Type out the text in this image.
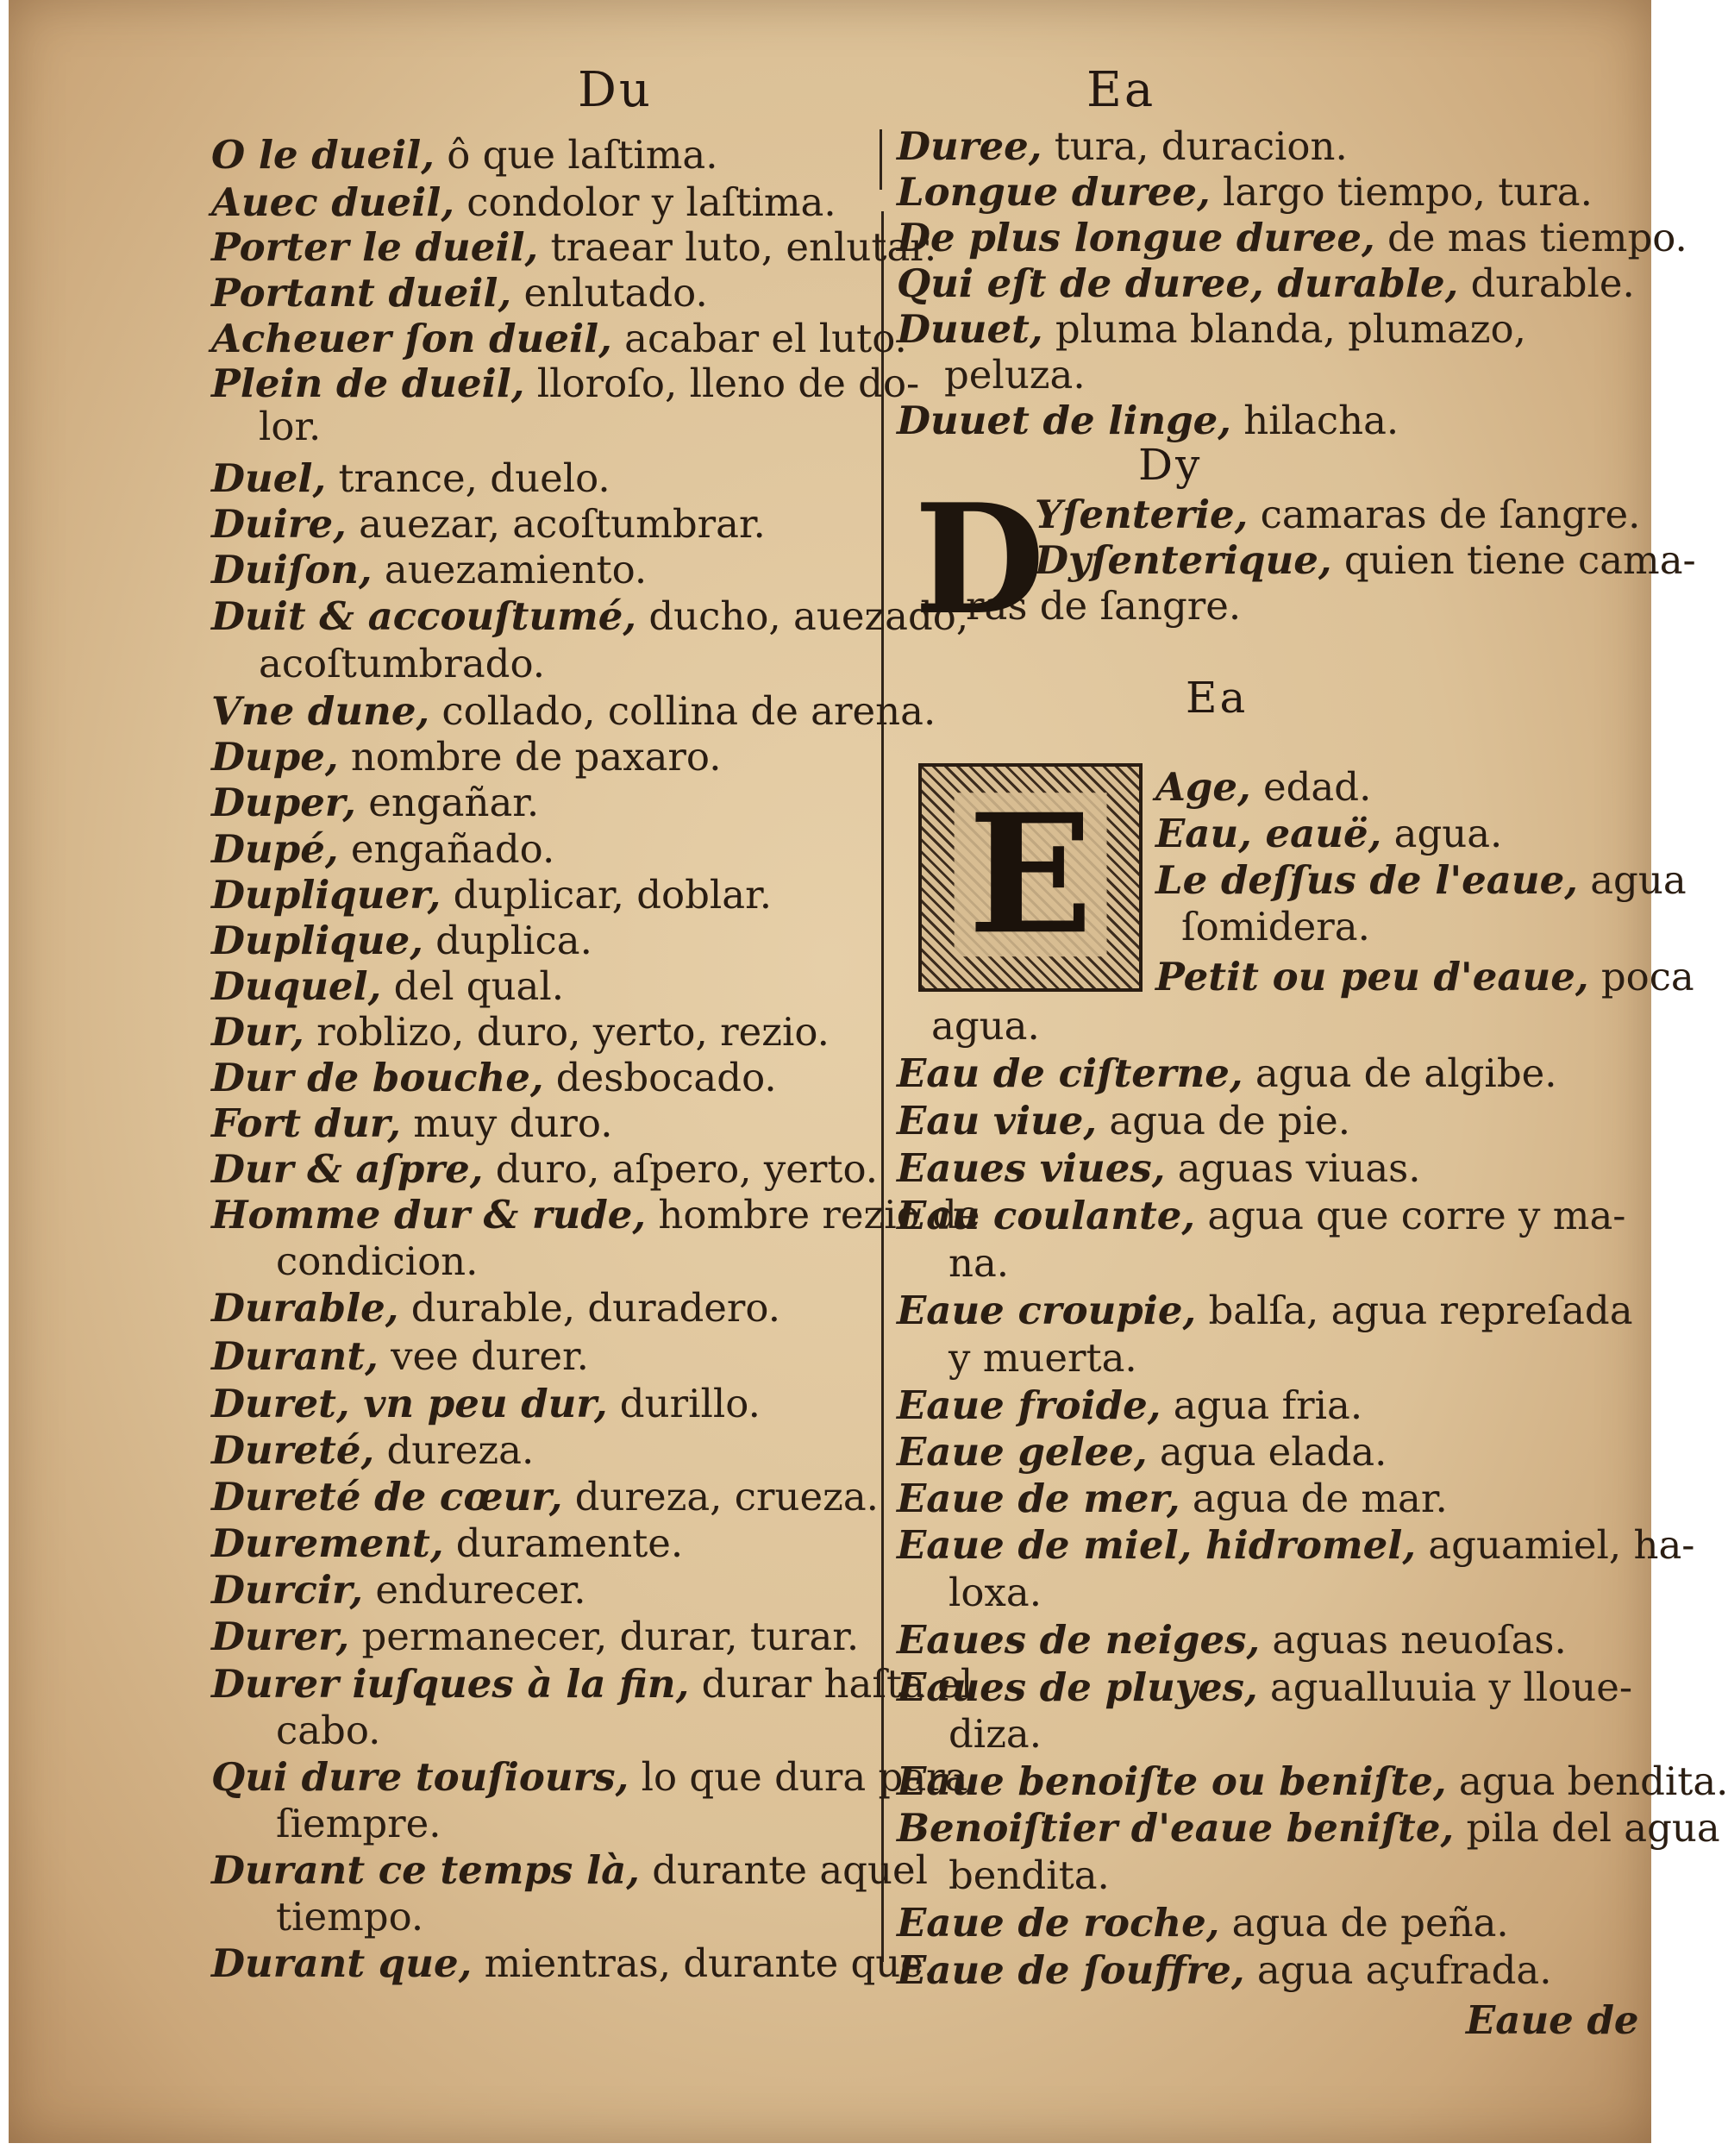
Du	Ea
O le dueil, ô que laſtima.
Auec dueil, condolor y laſtima.
Porter le dueil, traear luto, enlutar.
Portant dueil, enlutado.
Acheuer ſon dueil, acabar el luto.
Plein de dueil, lloroſo, lleno de do-
lor.
Duel, trance, duelo.
Duire, auezar, acoſtumbrar.
Duiſon, auezamiento.
Duit & accouſtumé, ducho, auezado,
acoſtumbrado.
Vne dune, collado, collina de arena.
Dupe, nombre de paxaro.
Duper, engañar.
Dupé, engañado.
Dupliquer, duplicar, doblar.
Duplique, duplica.
Duquel, del qual.
Dur, roblizo, duro, yerto, rezio.
Dur de bouche, desbocado.
Fort dur, muy duro.
Dur & aſpre, duro, aſpero, yerto.
Homme dur & rude, hombre rezio de
condicion.
Durable, durable, duradero.
Durant, vee durer.
Duret, vn peu dur, durillo.
Dureté, dureza.
Dureté de cœur, dureza, crueza.
Durement, duramente.
Durcir, endurecer.
Durer, permanecer, durar, turar.
Durer iuſques à la fin, durar haſta el
cabo.
Qui dure touſiours, lo que dura para
ſiempre.
Durant ce temps là, durante aquel
tiempo.
Durant que, mientras, durante que.
Duree, tura, duracion.
Longue duree, largo tiempo, tura.
De plus longue duree, de mas tiempo.
Qui eſt de duree, durable, durable.
Duuet, pluma blanda, plumazo,
peluza.
Duuet de linge, hilacha.
Dy
Yſenterie, camaras de ſangre.
Dyſenterique, quien tiene cama-
ras de ſangre.
Ea
Age, edad.
Eau, eauë, agua.
Le deſſus de l'eaue, agua
ſomidera.
Petit ou peu d'eaue, poca
agua.
Eau de ciſterne, agua de algibe.
Eau viue, agua de pie.
Eaues viues, aguas viuas.
Eau coulante, agua que corre y ma-
na.
Eaue croupie, balſa, agua repreſada
y muerta.
Eaue froide, agua fria.
Eaue gelee, agua elada.
Eaue de mer, agua de mar.
Eaue de miel, hidromel, aguamiel, ha-
loxa.
Eaues de neiges, aguas neuoſas.
Eaues de pluyes, agualluuia y lloue-
diza.
Eaue benoiſte ou beniſte, agua bendita.
Benoiſtier d'eaue beniſte, pila del agua
bendita.
Eaue de roche, agua de peña.
Eaue de ſouffre, agua açufrada.
Eaue de
D
E
